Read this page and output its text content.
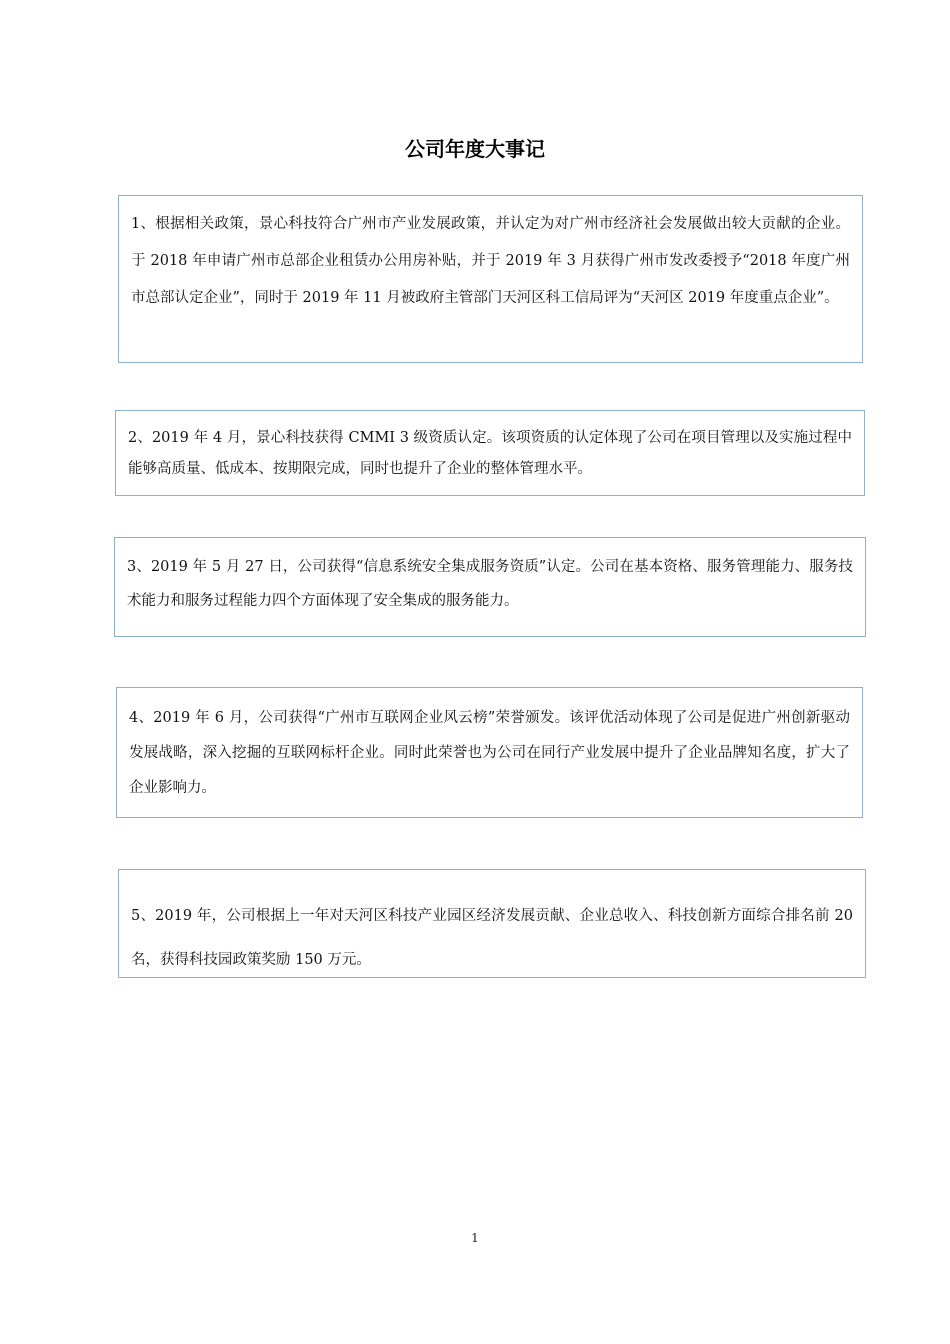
公司年度大事记

1、根据相关政策，景心科技符合广州市产业发展政策，并认定为对广州市经济社会发展做出较大贡献的企业。于 2018 年申请广州市总部企业租赁办公用房补贴，并于 2019 年 3 月获得广州市发改委授予“2018 年度广州市总部认定企业”，同时于 2019 年 11 月被政府主管部门天河区科工信局评为“天河区 2019 年度重点企业”。

2、2019 年 4 月，景心科技获得 CMMI 3 级资质认定。该项资质的认定体现了公司在项目管理以及实施过程中能够高质量、低成本、按期限完成，同时也提升了企业的整体管理水平。

3、2019 年 5 月 27 日，公司获得“信息系统安全集成服务资质”认定。公司在基本资格、服务管理能力、服务技术能力和服务过程能力四个方面体现了安全集成的服务能力。

4、2019 年 6 月，公司获得“广州市互联网企业风云榜”荣誉颁发。该评优活动体现了公司是促进广州创新驱动发展战略，深入挖掘的互联网标杆企业。同时此荣誉也为公司在同行产业发展中提升了企业品牌知名度，扩大了企业影响力。

5、2019 年，公司根据上一年对天河区科技产业园区经济发展贡献、企业总收入、科技创新方面综合排名前 20 名，获得科技园政策奖励 150 万元。

1
